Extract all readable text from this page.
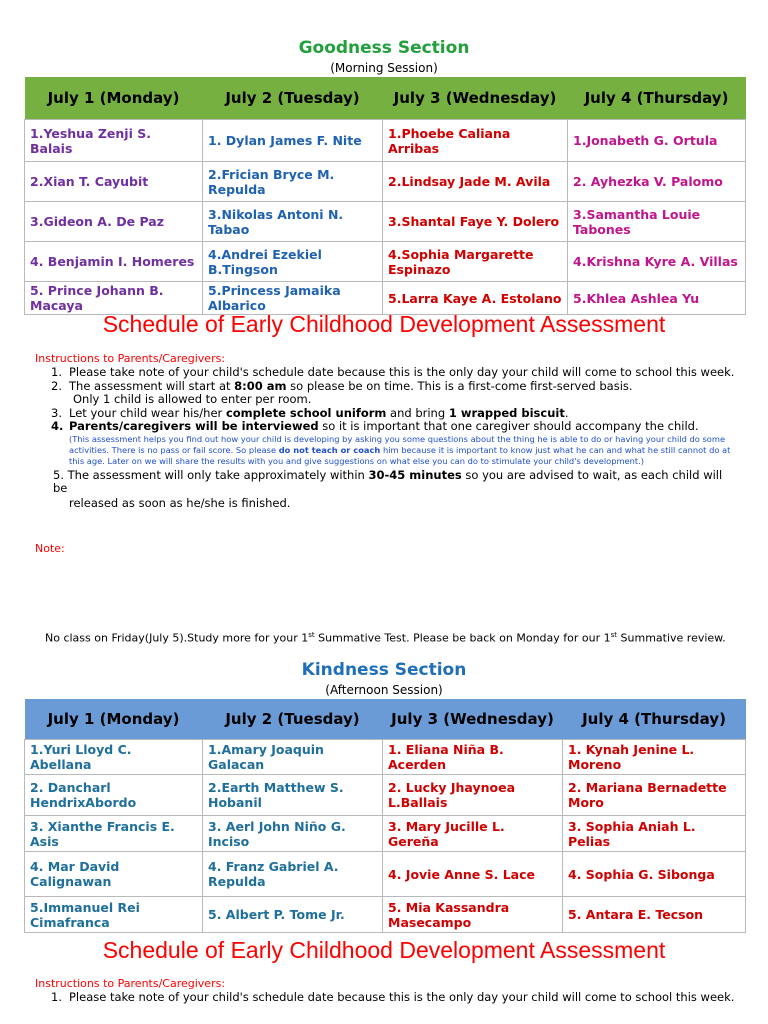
Goodness Section
(Morning Session)
July 1 (Monday)	July 2 (Tuesday)	July 3 (Wednesday)	July 4 (Thursday)
1.Yeshua Zenji S. Balais	1. Dylan James F. Nite	1.Phoebe Caliana Arribas	1.Jonabeth G. Ortula
2.Xian T. Cayubit	2.Frician Bryce M. Repulda	2.Lindsay Jade M. Avila	2. Ayhezka V. Palomo
3.Gideon A. De Paz	3.Nikolas Antoni N. Tabao	3.Shantal Faye Y. Dolero	3.Samantha Louie Tabones
4. Benjamin I. Homeres	4.Andrei Ezekiel B.Tingson	4.Sophia Margarette Espinazo	4.Krishna Kyre A. Villas
5. Prince Johann B. Macaya	5.Princess Jamaika Albarico	5.Larra Kaye A. Estolano	5.Khlea Ashlea Yu
Schedule of Early Childhood Development Assessment
Instructions to Parents/Caregivers:
1. Please take note of your child's schedule date because this is the only day your child will come to school this week.
2. The assessment will start at 8:00 am so please be on time. This is a first-come first-served basis.
Only 1 child is allowed to enter per room.
3. Let your child wear his/her complete school uniform and bring 1 wrapped biscuit.
4. Parents/caregivers will be interviewed so it is important that one caregiver should accompany the child.
(This assessment helps you find out how your child is developing by asking you some questions about the thing he is able to do or having your child do some activities. There is no pass or fail score. So please do not teach or coach him because it is important to know just what he can and what he still cannot do at this age. Later on we will share the results with you and give suggestions on what else you can do to stimulate your child's development.)
5. The assessment will only take approximately within 30-45 minutes so you are advised to wait, as each child will be
released as soon as he/she is finished.
Note:
No class on Friday(July 5).Study more for your 1st Summative Test. Please be back on Monday for our 1st Summative review.
Kindness Section
(Afternoon Session)
July 1 (Monday)	July 2 (Tuesday)	July 3 (Wednesday)	July 4 (Thursday)
1.Yuri Lloyd C. Abellana	1.Amary Joaquin Galacan	1. Eliana Niña B. Acerden	1. Kynah Jenine L. Moreno
2. Dancharl HendrixAbordo	2.Earth Matthew S. Hobanil	2. Lucky Jhaynoea L.Ballais	2. Mariana Bernadette Moro
3. Xianthe Francis E. Asis	3. Aerl John Niño G. Inciso	3. Mary Jucille L. Gereña	3. Sophia Aniah L. Pelias
4. Mar David Calignawan	4. Franz Gabriel A. Repulda	4. Jovie Anne S. Lace	4. Sophia G. Sibonga
5.Immanuel Rei Cimafranca	5. Albert P. Tome Jr.	5. Mia Kassandra Masecampo	5. Antara E. Tecson
Schedule of Early Childhood Development Assessment
Instructions to Parents/Caregivers:
1. Please take note of your child's schedule date because this is the only day your child will come to school this week.
